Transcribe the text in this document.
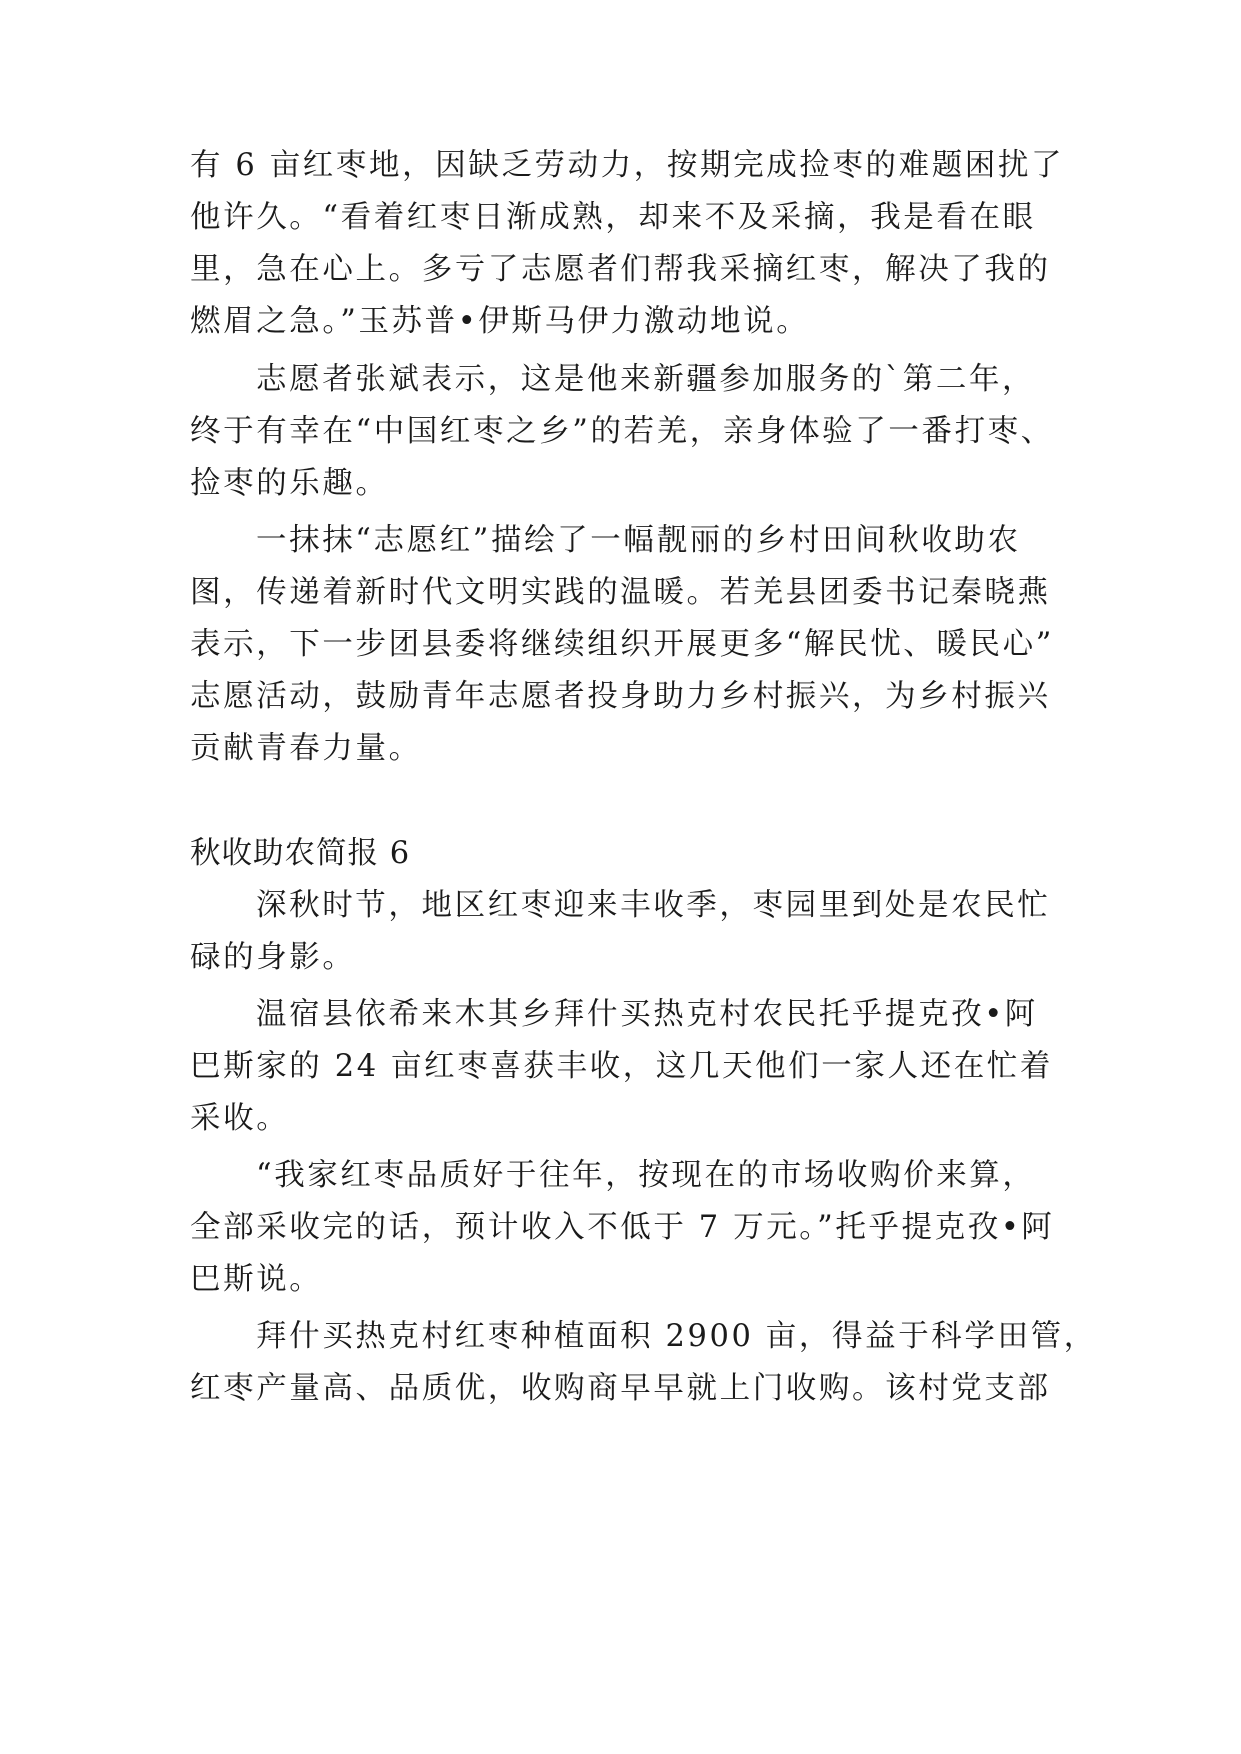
有 6 亩红枣地，因缺乏劳动力，按期完成捡枣的难题困扰了

他许久。“看着红枣日渐成熟，却来不及采摘，我是看在眼

里，急在心上。多亏了志愿者们帮我采摘红枣，解决了我的

燃眉之急。”玉苏普•伊斯马伊力激动地说。

志愿者张斌表示，这是他来新疆参加服务的`第二年，

终于有幸在“中国红枣之乡”的若羌，亲身体验了一番打枣、

捡枣的乐趣。

一抹抹“志愿红”描绘了一幅靓丽的乡村田间秋收助农

图，传递着新时代文明实践的温暖。若羌县团委书记秦晓燕

表示，下一步团县委将继续组织开展更多“解民忧、暖民心”

志愿活动，鼓励青年志愿者投身助力乡村振兴，为乡村振兴

贡献青春力量。

秋收助农简报 6

深秋时节，地区红枣迎来丰收季，枣园里到处是农民忙

碌的身影。

温宿县依希来木其乡拜什买热克村农民托乎提克孜•阿

巴斯家的 24 亩红枣喜获丰收，这几天他们一家人还在忙着

采收。

“我家红枣品质好于往年，按现在的市场收购价来算，

全部采收完的话，预计收入不低于 7 万元。”托乎提克孜•阿

巴斯说。

拜什买热克村红枣种植面积 2900 亩，得益于科学田管，

红枣产量高、品质优，收购商早早就上门收购。该村党支部
